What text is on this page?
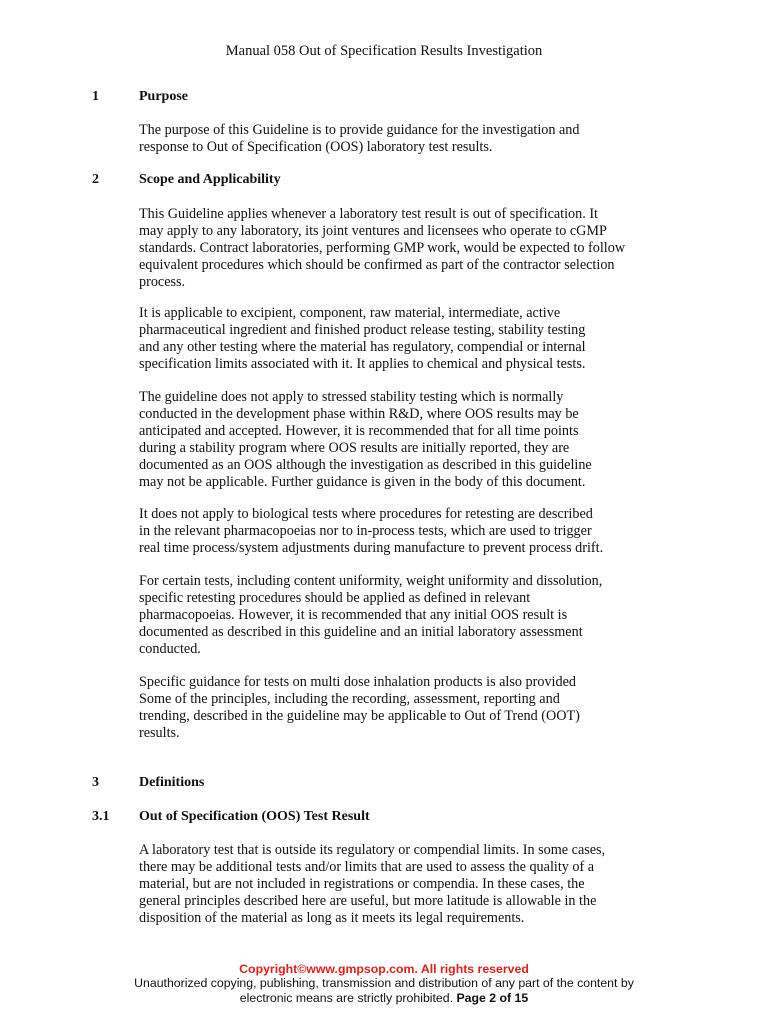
Manual 058 Out of Specification Results Investigation
1	Purpose
The purpose of this Guideline is to provide guidance for the investigation and
response to Out of Specification (OOS) laboratory test results.
2	Scope and Applicability
This Guideline applies whenever a laboratory test result is out of specification. It
may apply to any laboratory, its joint ventures and licensees who operate to cGMP
standards. Contract laboratories, performing GMP work, would be expected to follow
equivalent procedures which should be confirmed as part of the contractor selection
process.
It is applicable to excipient, component, raw material, intermediate, active
pharmaceutical ingredient and finished product release testing, stability testing
and any other testing where the material has regulatory, compendial or internal
specification limits associated with it. It applies to chemical and physical tests.
The guideline does not apply to stressed stability testing which is normally
conducted in the development phase within R&D, where OOS results may be
anticipated and accepted. However, it is recommended that for all time points
during a stability program where OOS results are initially reported, they are
documented as an OOS although the investigation as described in this guideline
may not be applicable. Further guidance is given in the body of this document.
It does not apply to biological tests where procedures for retesting are described
in the relevant pharmacopoeias nor to in-process tests, which are used to trigger
real time process/system adjustments during manufacture to prevent process drift.
For certain tests, including content uniformity, weight uniformity and dissolution,
specific retesting procedures should be applied as defined in relevant
pharmacopoeias. However, it is recommended that any initial OOS result is
documented as described in this guideline and an initial laboratory assessment
conducted.
Specific guidance for tests on multi dose inhalation products is also provided
Some of the principles, including the recording, assessment, reporting and
trending, described in the guideline may be applicable to Out of Trend (OOT)
results.
3	Definitions
3.1 Out of Specification (OOS) Test Result
A laboratory test that is outside its regulatory or compendial limits. In some cases,
there may be additional tests and/or limits that are used to assess the quality of a
material, but are not included in registrations or compendia. In these cases, the
general principles described here are useful, but more latitude is allowable in the
disposition of the material as long as it meets its legal requirements.
Copyright©www.gmpsop.com. All rights reserved
Unauthorized copying, publishing, transmission and distribution of any part of the content by
electronic means are strictly prohibited. Page 2 of 15
